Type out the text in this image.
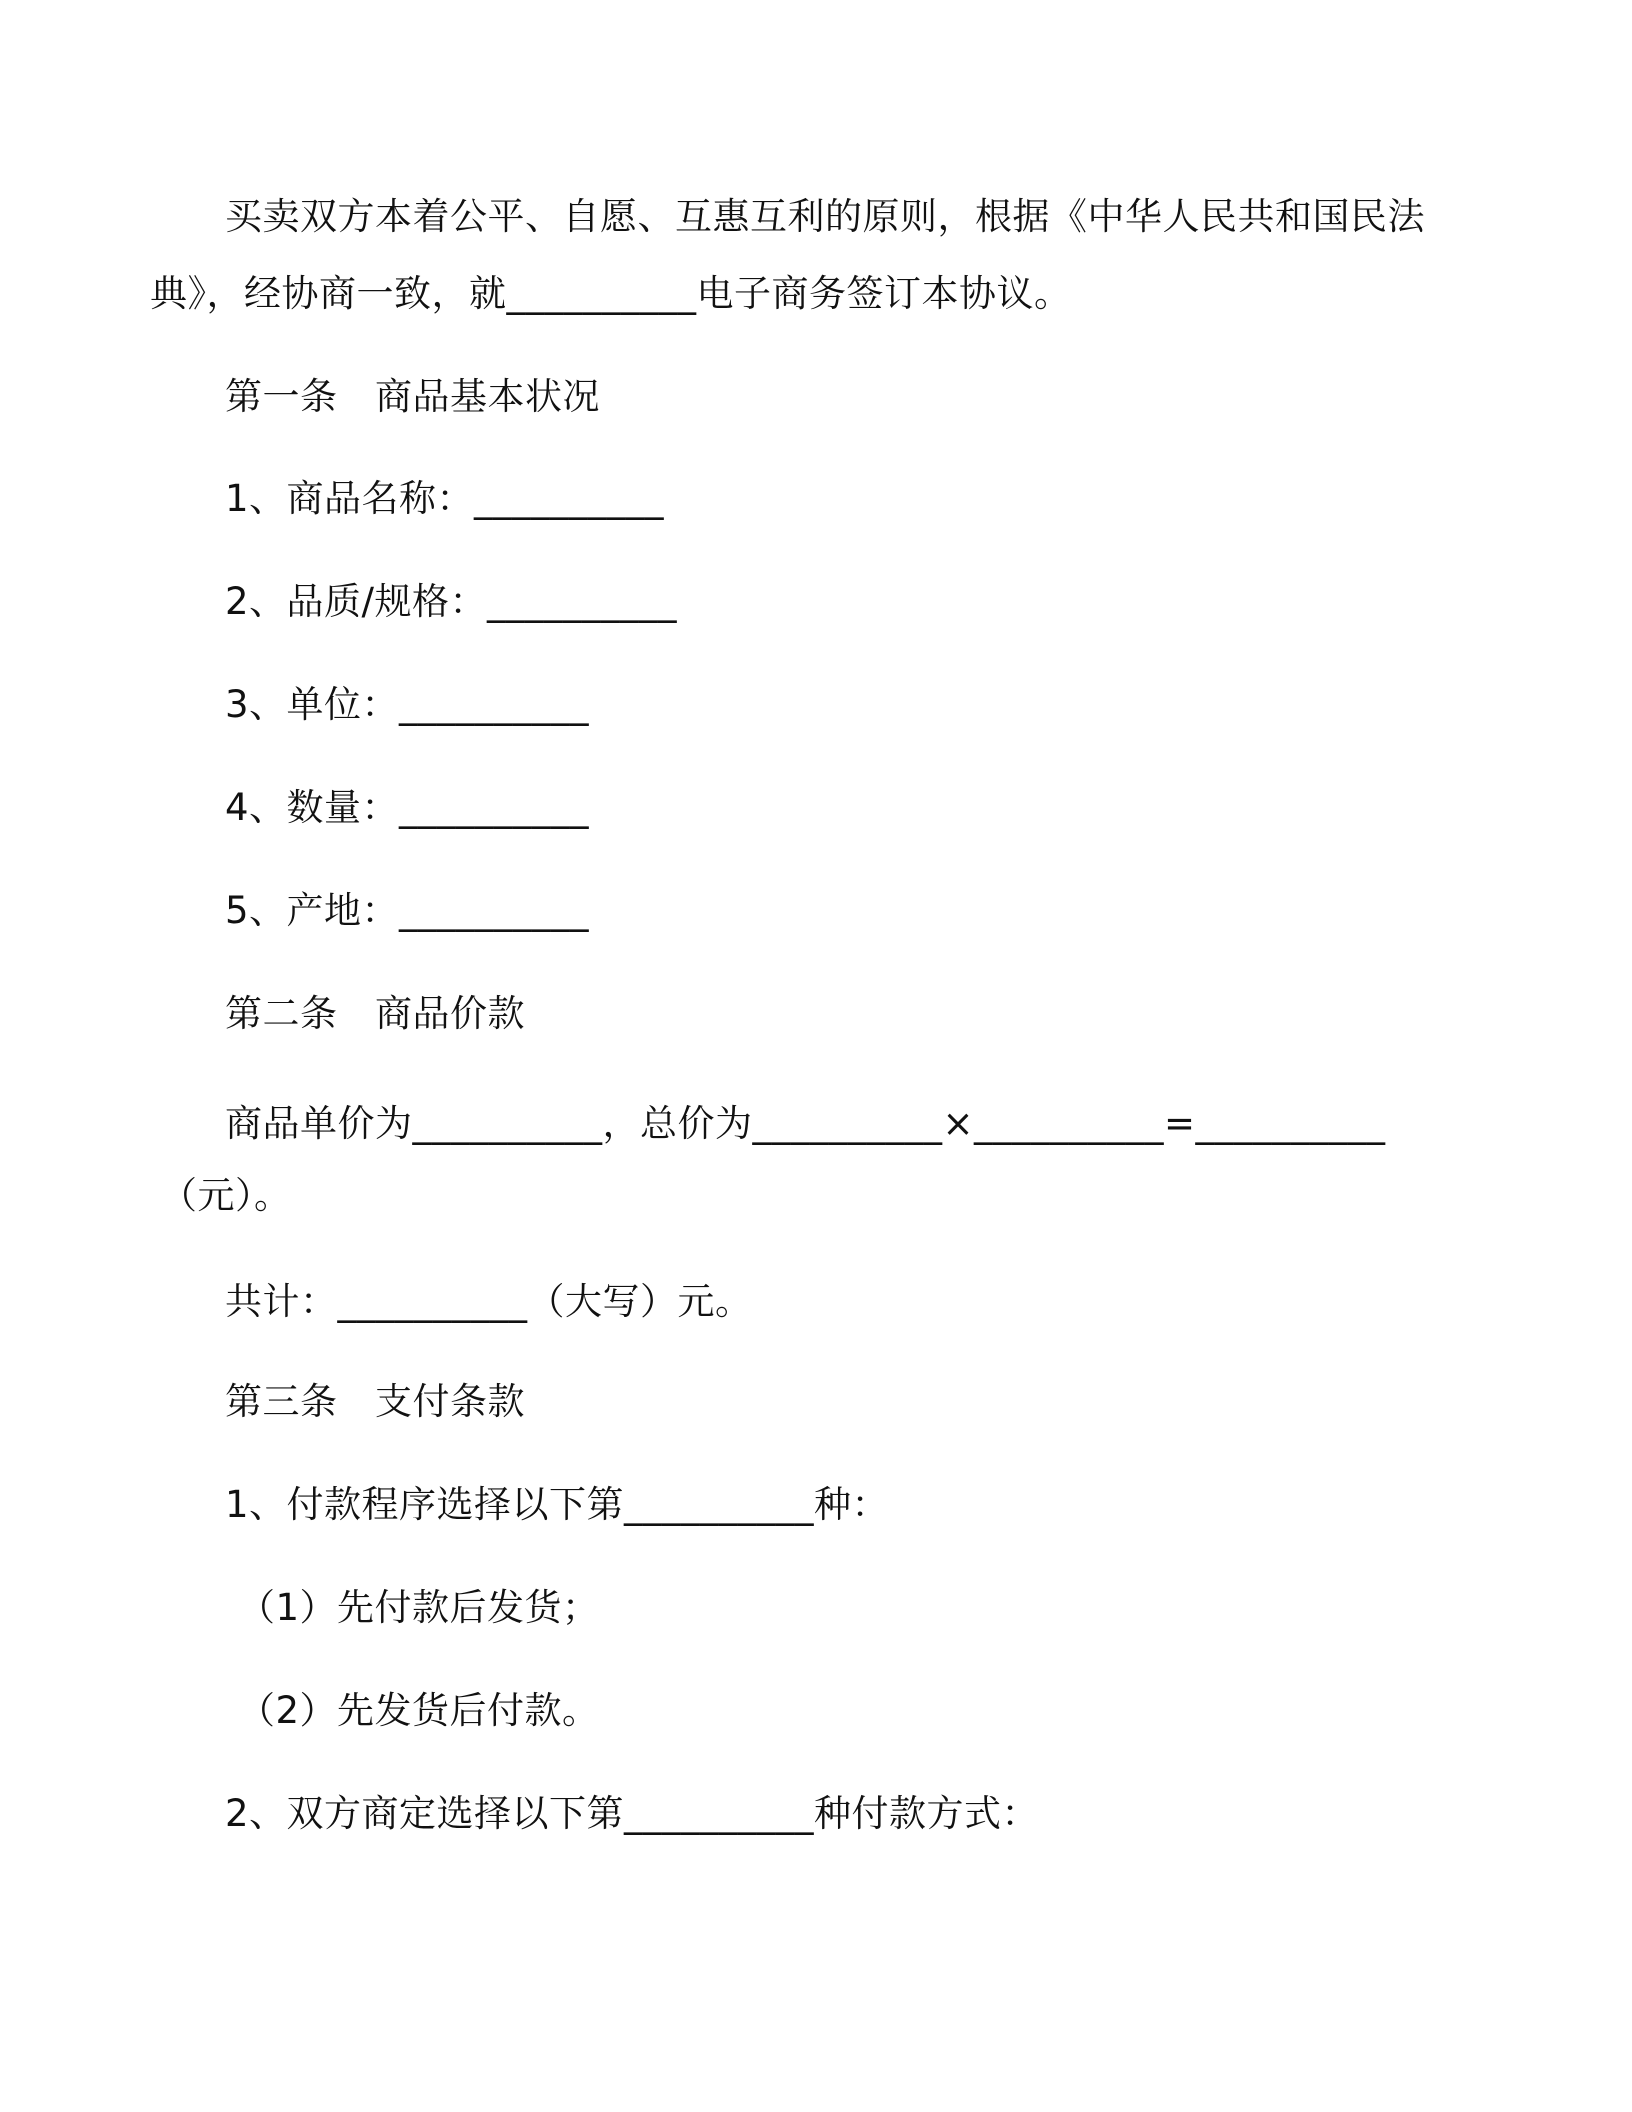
买卖双方本着公平、自愿、互惠互利的原则，根据《中华人民共和国民法
典》，经协商一致，就__________电子商务签订本协议。
第一条　商品基本状况
1、商品名称：__________
2、品质/规格：__________
3、单位：__________
4、数量：__________
5、产地：__________
第二条　商品价款
商品单价为__________，总价为__________×__________=__________
（元）。
共计：__________（大写）元。
第三条　支付条款
1、付款程序选择以下第__________种：
（1）先付款后发货；
（2）先发货后付款。
2、双方商定选择以下第__________种付款方式：
